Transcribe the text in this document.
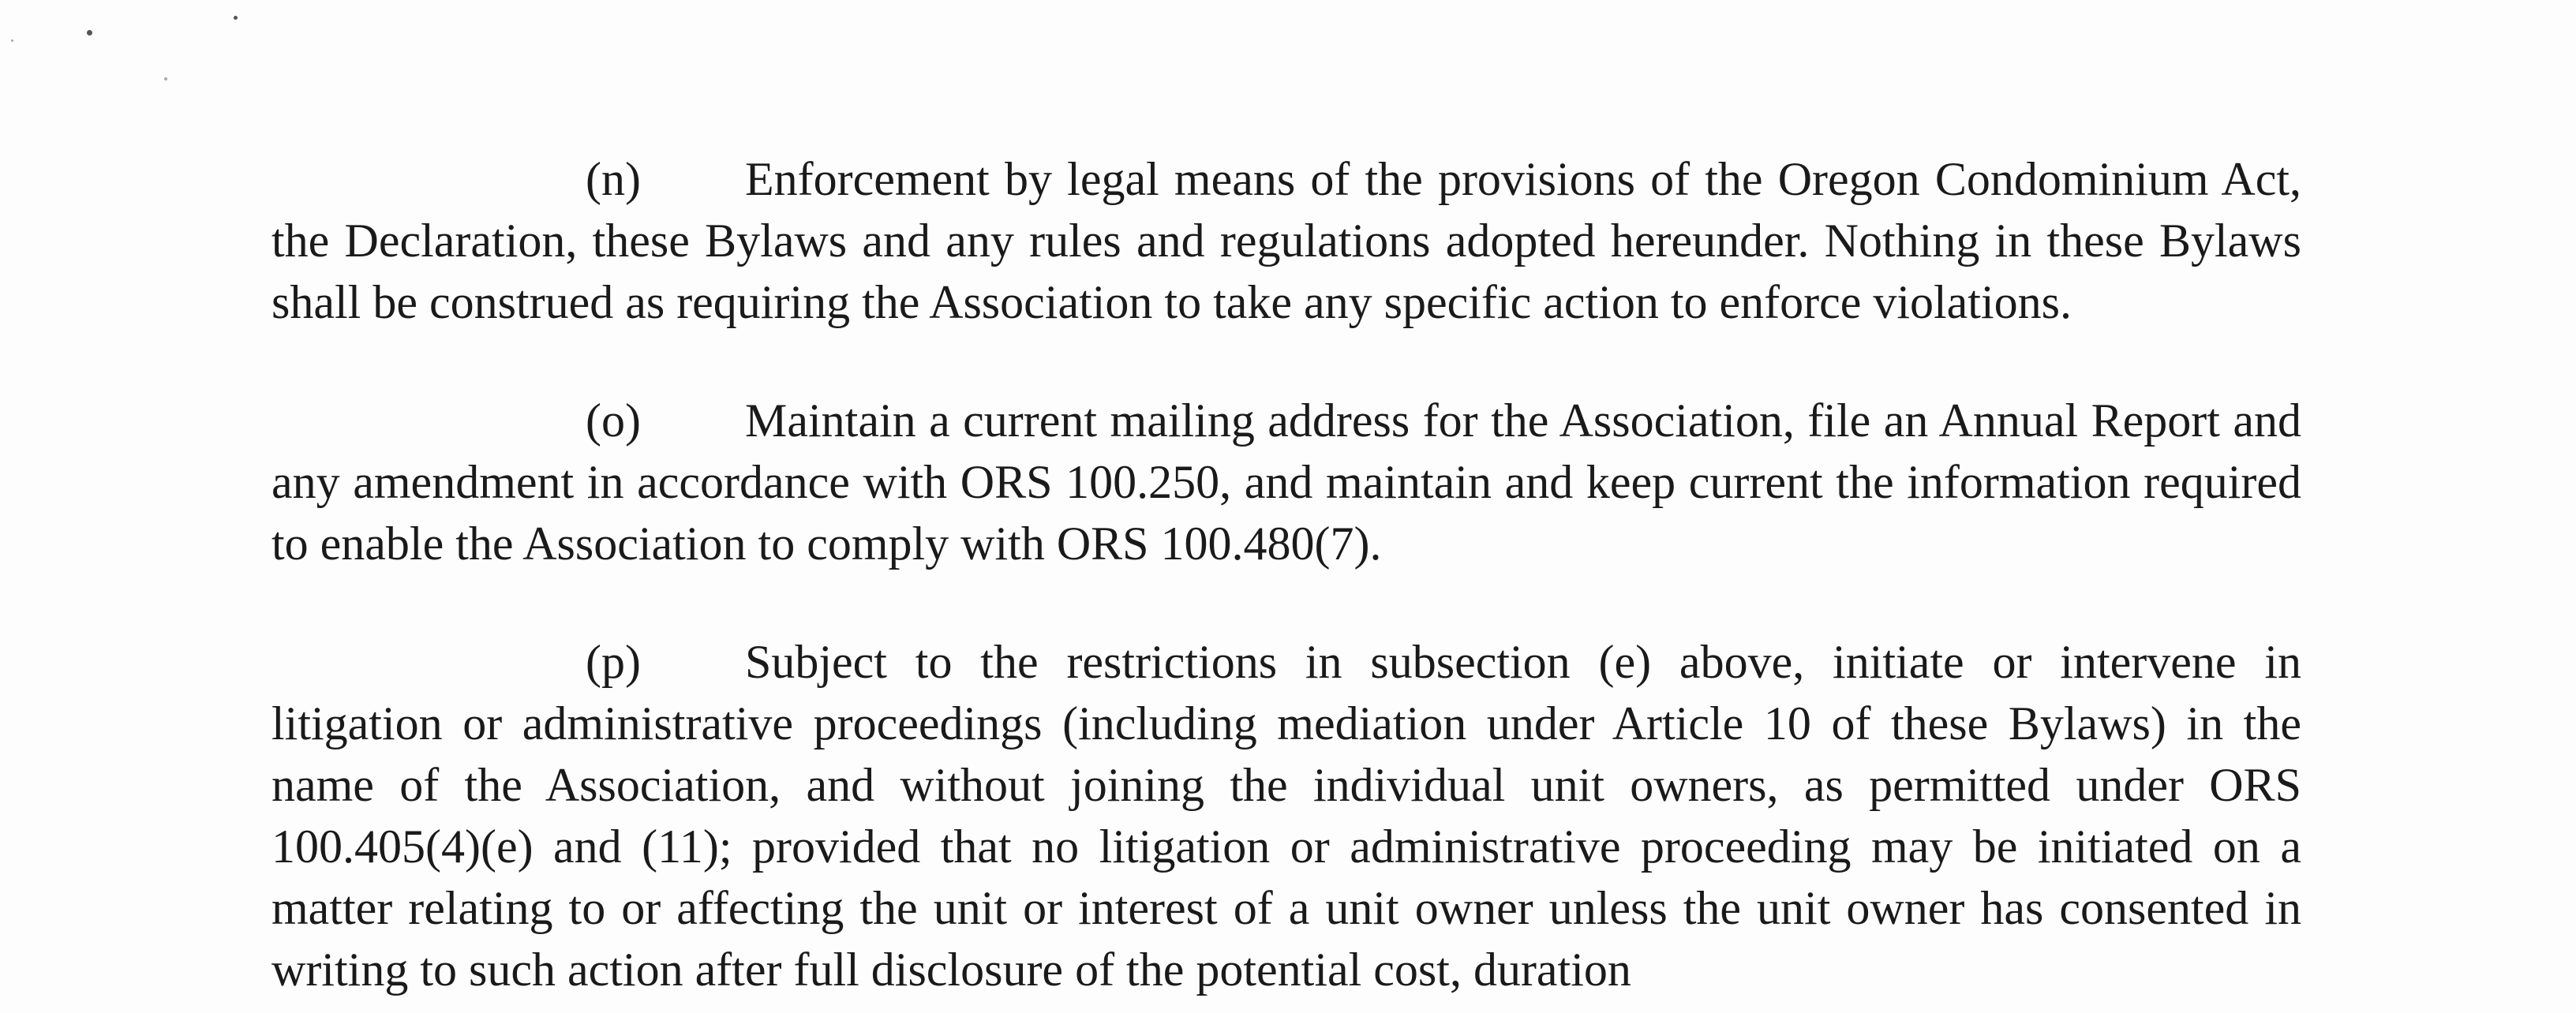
(n) Enforcement by legal means of the provisions of the Oregon Condominium Act, the Declaration, these Bylaws and any rules and regulations adopted hereunder. Nothing in these Bylaws shall be construed as requiring the Association to take any specific action to enforce violations.

(o) Maintain a current mailing address for the Association, file an Annual Report and any amendment in accordance with ORS 100.250, and maintain and keep current the information required to enable the Association to comply with ORS 100.480(7).

(p) Subject to the restrictions in subsection (e) above, initiate or intervene in litigation or administrative proceedings (including mediation under Article 10 of these Bylaws) in the name of the Association, and without joining the individual unit owners, as permitted under ORS 100.405(4)(e) and (11); provided that no litigation or administrative proceeding may be initiated on a matter relating to or affecting the unit or interest of a unit owner unless the unit owner has consented in writing to such action after full disclosure of the potential cost, duration
